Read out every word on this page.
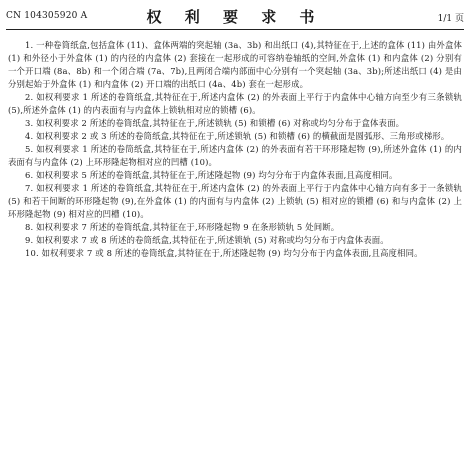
CN 104305920 A	权 利 要 求 书	1/1 页

1. 一种卷筒纸盒,包括盒体 (11)、盒体两端的突起轴 (3a、3b) 和出纸口 (4),其特征在于,上述的盒体 (11) 由外盒体 (1) 和外径小于外盒体 (1) 的内径的内盒体 (2) 套接在一起形成的可容纳卷轴纸的空间,外盒体 (1) 和内盒体 (2) 分别有一个开口端 (8a、8b) 和一个闭合端 (7a、7b),且两闭合端内部面中心分别有一个突起轴 (3a、3b);所述出纸口 (4) 是由分别起始于外盒体 (1) 和内盒体 (2) 开口端的出纸口 (4a、4b) 套在一起形成。

2. 如权利要求 1 所述的卷筒纸盒,其特征在于,所述内盒体 (2) 的外表面上平行于内盒体中心轴方向至少有三条锁轨 (5),所述外盒体 (1) 的内表面有与内盒体上锁轨相对应的锁槽 (6)。

3. 如权利要求 2 所述的卷筒纸盒,其特征在于,所述锁轨 (5) 和锁槽 (6) 对称或均匀分布于盒体表面。

4. 如权利要求 2 或 3 所述的卷筒纸盒,其特征在于,所述锁轨 (5) 和锁槽 (6) 的横截面是圆弧形、三角形或梯形。

5. 如权利要求 1 所述的卷筒纸盒,其特征在于,所述内盒体 (2) 的外表面有若干环形隆起物 (9),所述外盒体 (1) 的内表面有与内盒体 (2) 上环形隆起物相对应的凹槽 (10)。

6. 如权利要求 5 所述的卷筒纸盒,其特征在于,所述隆起物 (9) 均匀分布于内盒体表面,且高度相同。

7. 如权利要求 1 所述的卷筒纸盒,其特征在于,所述内盒体 (2) 的外表面上平行于内盒体中心轴方向有多于一条锁轨 (5) 和若干间断的环形隆起物 (9),在外盒体 (1) 的内面有与内盒体 (2) 上锁轨 (5) 相对应的锁槽 (6) 和与内盒体 (2) 上环形隆起物 (9) 相对应的凹槽 (10)。

8. 如权利要求 7 所述的卷筒纸盒,其特征在于,环形隆起物 9 在条形锁轨 5 处间断。

9. 如权利要求 7 或 8 所述的卷筒纸盒,其特征在于,所述锁轨 (5) 对称或均匀分布于内盒体表面。

10. 如权利要求 7 或 8 所述的卷筒纸盒,其特征在于,所述隆起物 (9) 均匀分布于内盒体表面,且高度相同。
